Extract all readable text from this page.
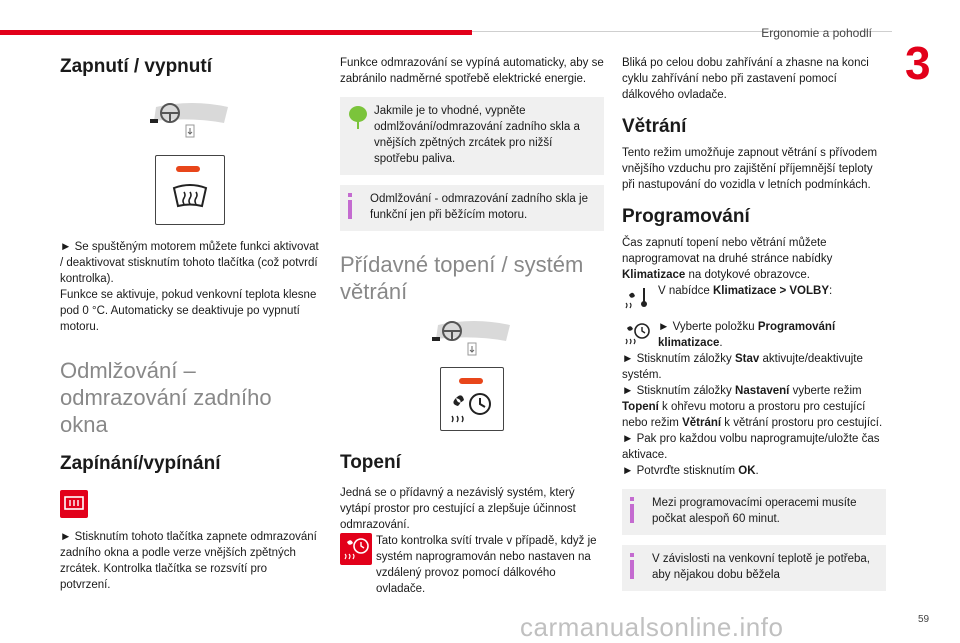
Ergonomie a pohodlí
3
Zapnutí / vypnutí

► Se spuštěným motorem můžete funkci aktivovat / deaktivovat stisknutím tohoto tlačítka (což potvrdí kontrolka).
Funkce se aktivuje, pokud venkovní teplota klesne pod 0 °C. Automaticky se deaktivuje po vypnutí motoru.

Odmlžování – odmrazování zadního okna
Zapínání/vypínání

► Stisknutím tohoto tlačítka zapnete odmrazování zadního okna a podle verze vnějších zpětných zrcátek. Kontrolka tlačítka se rozsvítí pro potvrzení.

Funkce odmrazování se vypíná automaticky, aby se zabránilo nadměrné spotřebě elektrické energie.

Jakmile je to vhodné, vypněte odmlžování/odmrazování zadního skla a vnějších zpětných zrcátek pro nižší spotřebu paliva.

Odmlžování - odmrazování zadního skla je funkční jen při běžícím motoru.

Přídavné topení / systém větrání
Topení

Jedná se o přídavný a nezávislý systém, který vytápí prostor pro cestující a zlepšuje účinnost odmrazování.

Tato kontrolka svítí trvale v případě, když je systém naprogramován nebo nastaven na vzdálený provoz pomocí dálkového ovladače.

Bliká po celou dobu zahřívání a zhasne na konci cyklu zahřívání nebo při zastavení pomocí dálkového ovladače.

Větrání

Tento režim umožňuje zapnout větrání s přívodem vnějšího vzduchu pro zajištění příjemnější teploty při nastupování do vozidla v letních podmínkách.

Programování

Čas zapnutí topení nebo větrání můžete naprogramovat na druhé stránce nabídky Klimatizace na dotykové obrazovce.

V nabídce Klimatizace > VOLBY:

► Vyberte položku Programování klimatizace.

► Stisknutím záložky Stav aktivujte/deaktivujte systém.

► Stisknutím záložky Nastavení vyberte režim Topení k ohřevu motoru a prostoru pro cestující nebo režim Větrání k větrání prostoru pro cestující.

► Pak pro každou volbu naprogramujte/uložte čas aktivace.

► Potvrďte stisknutím OK.

Mezi programovacími operacemi musíte počkat alespoň 60 minut.

V závislosti na venkovní teplotě je potřeba, aby nějakou dobu běžela

carmanualsonline.info	59
